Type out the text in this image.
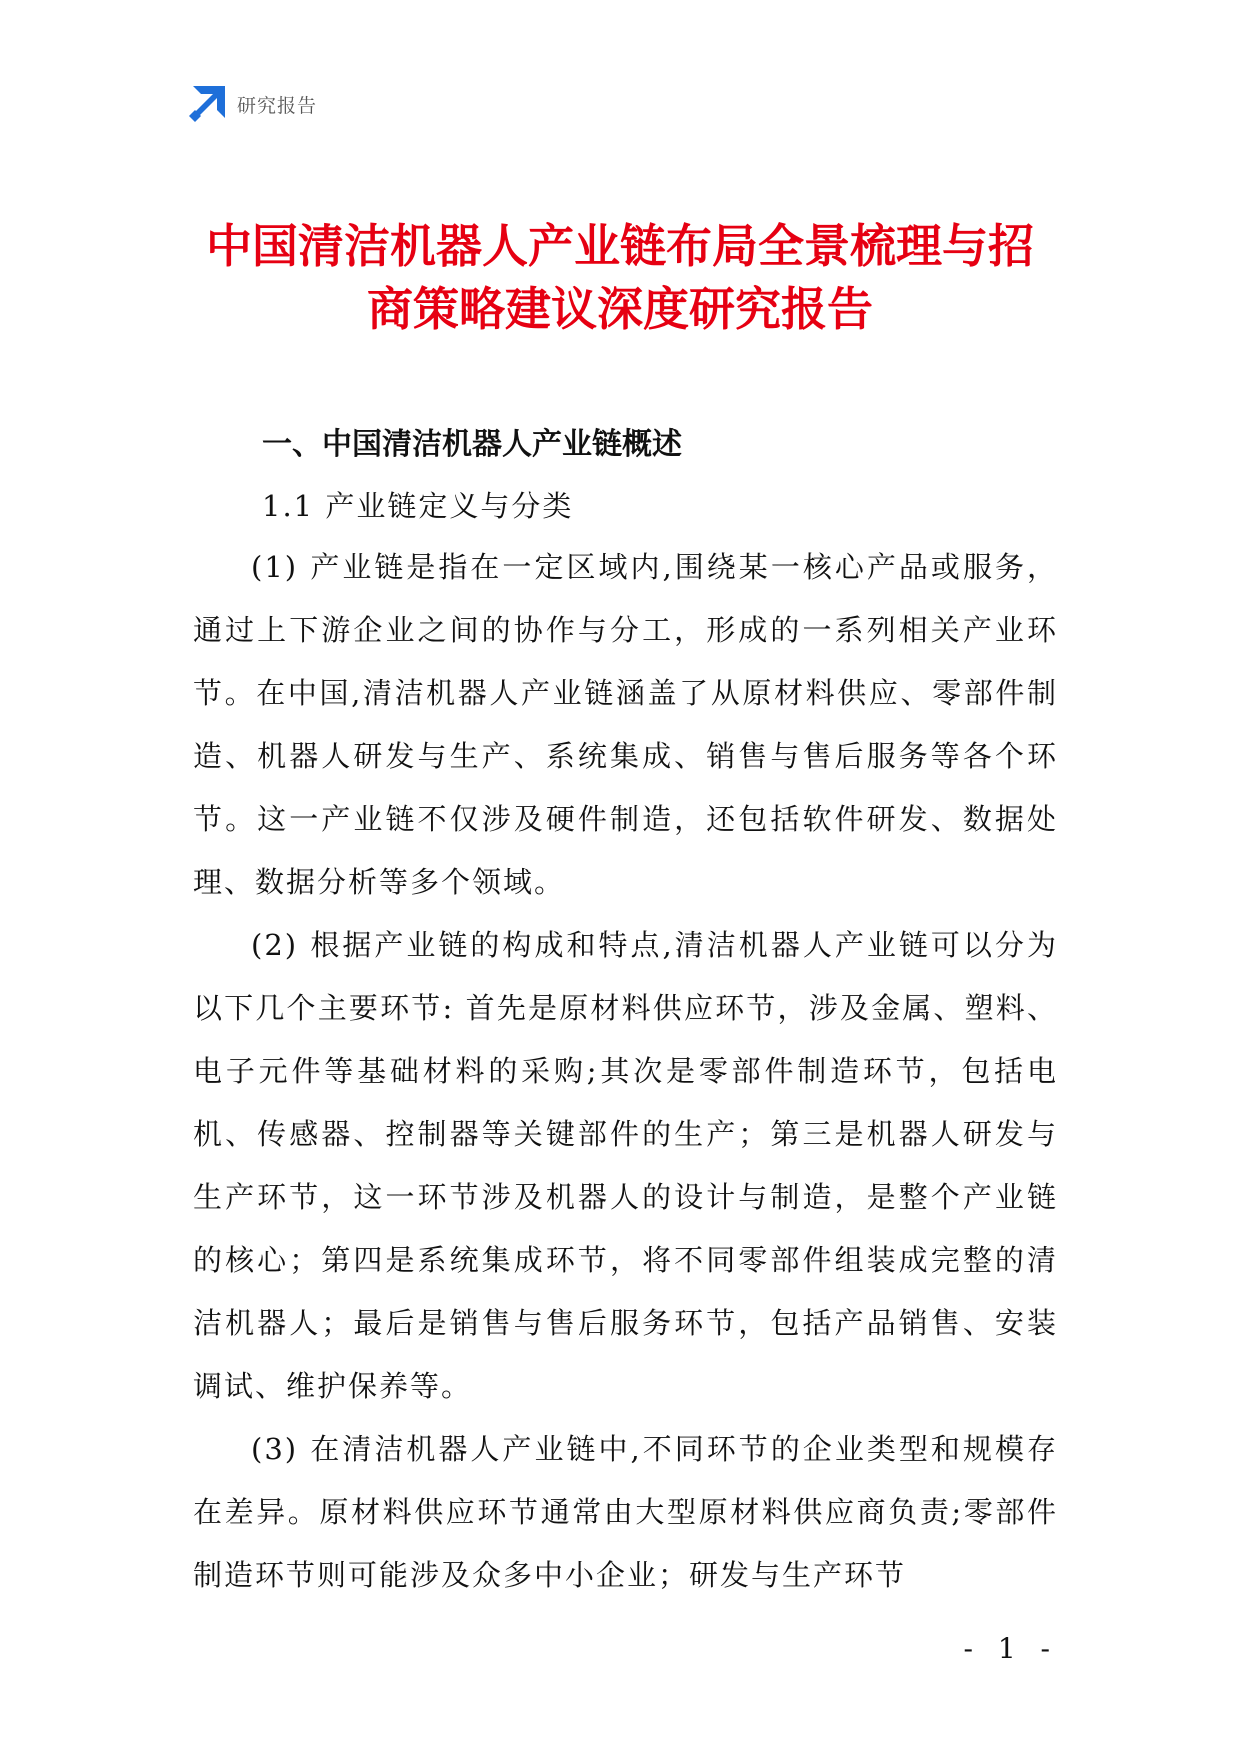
研究报告
中国清洁机器人产业链布局全景梳理与招
商策略建议深度研究报告
一、中国清洁机器人产业链概述
1.1 产业链定义与分类

(1) 产业链是指在一定区域内,围绕某一核心产品或服务，通过上下游企业之间的协作与分工，形成的一系列相关产业环节。在中国,清洁机器人产业链涵盖了从原材料供应、零部件制造、机器人研发与生产、系统集成、销售与售后服务等各个环节。这一产业链不仅涉及硬件制造，还包括软件研发、数据处理、数据分析等多个领域。

(2) 根据产业链的构成和特点,清洁机器人产业链可以分为以下几个主要环节: 首先是原材料供应环节，涉及金属、塑料、电子元件等基础材料的采购;其次是零部件制造环节，包括电机、传感器、控制器等关键部件的生产；第三是机器人研发与生产环节，这一环节涉及机器人的设计与制造，是整个产业链的核心；第四是系统集成环节，将不同零部件组装成完整的清洁机器人；最后是销售与售后服务环节，包括产品销售、安装调试、维护保养等。

(3) 在清洁机器人产业链中,不同环节的企业类型和规模存在差异。原材料供应环节通常由大型原材料供应商负责;零部件制造环节则可能涉及众多中小企业；研发与生产环节

- 1 -
